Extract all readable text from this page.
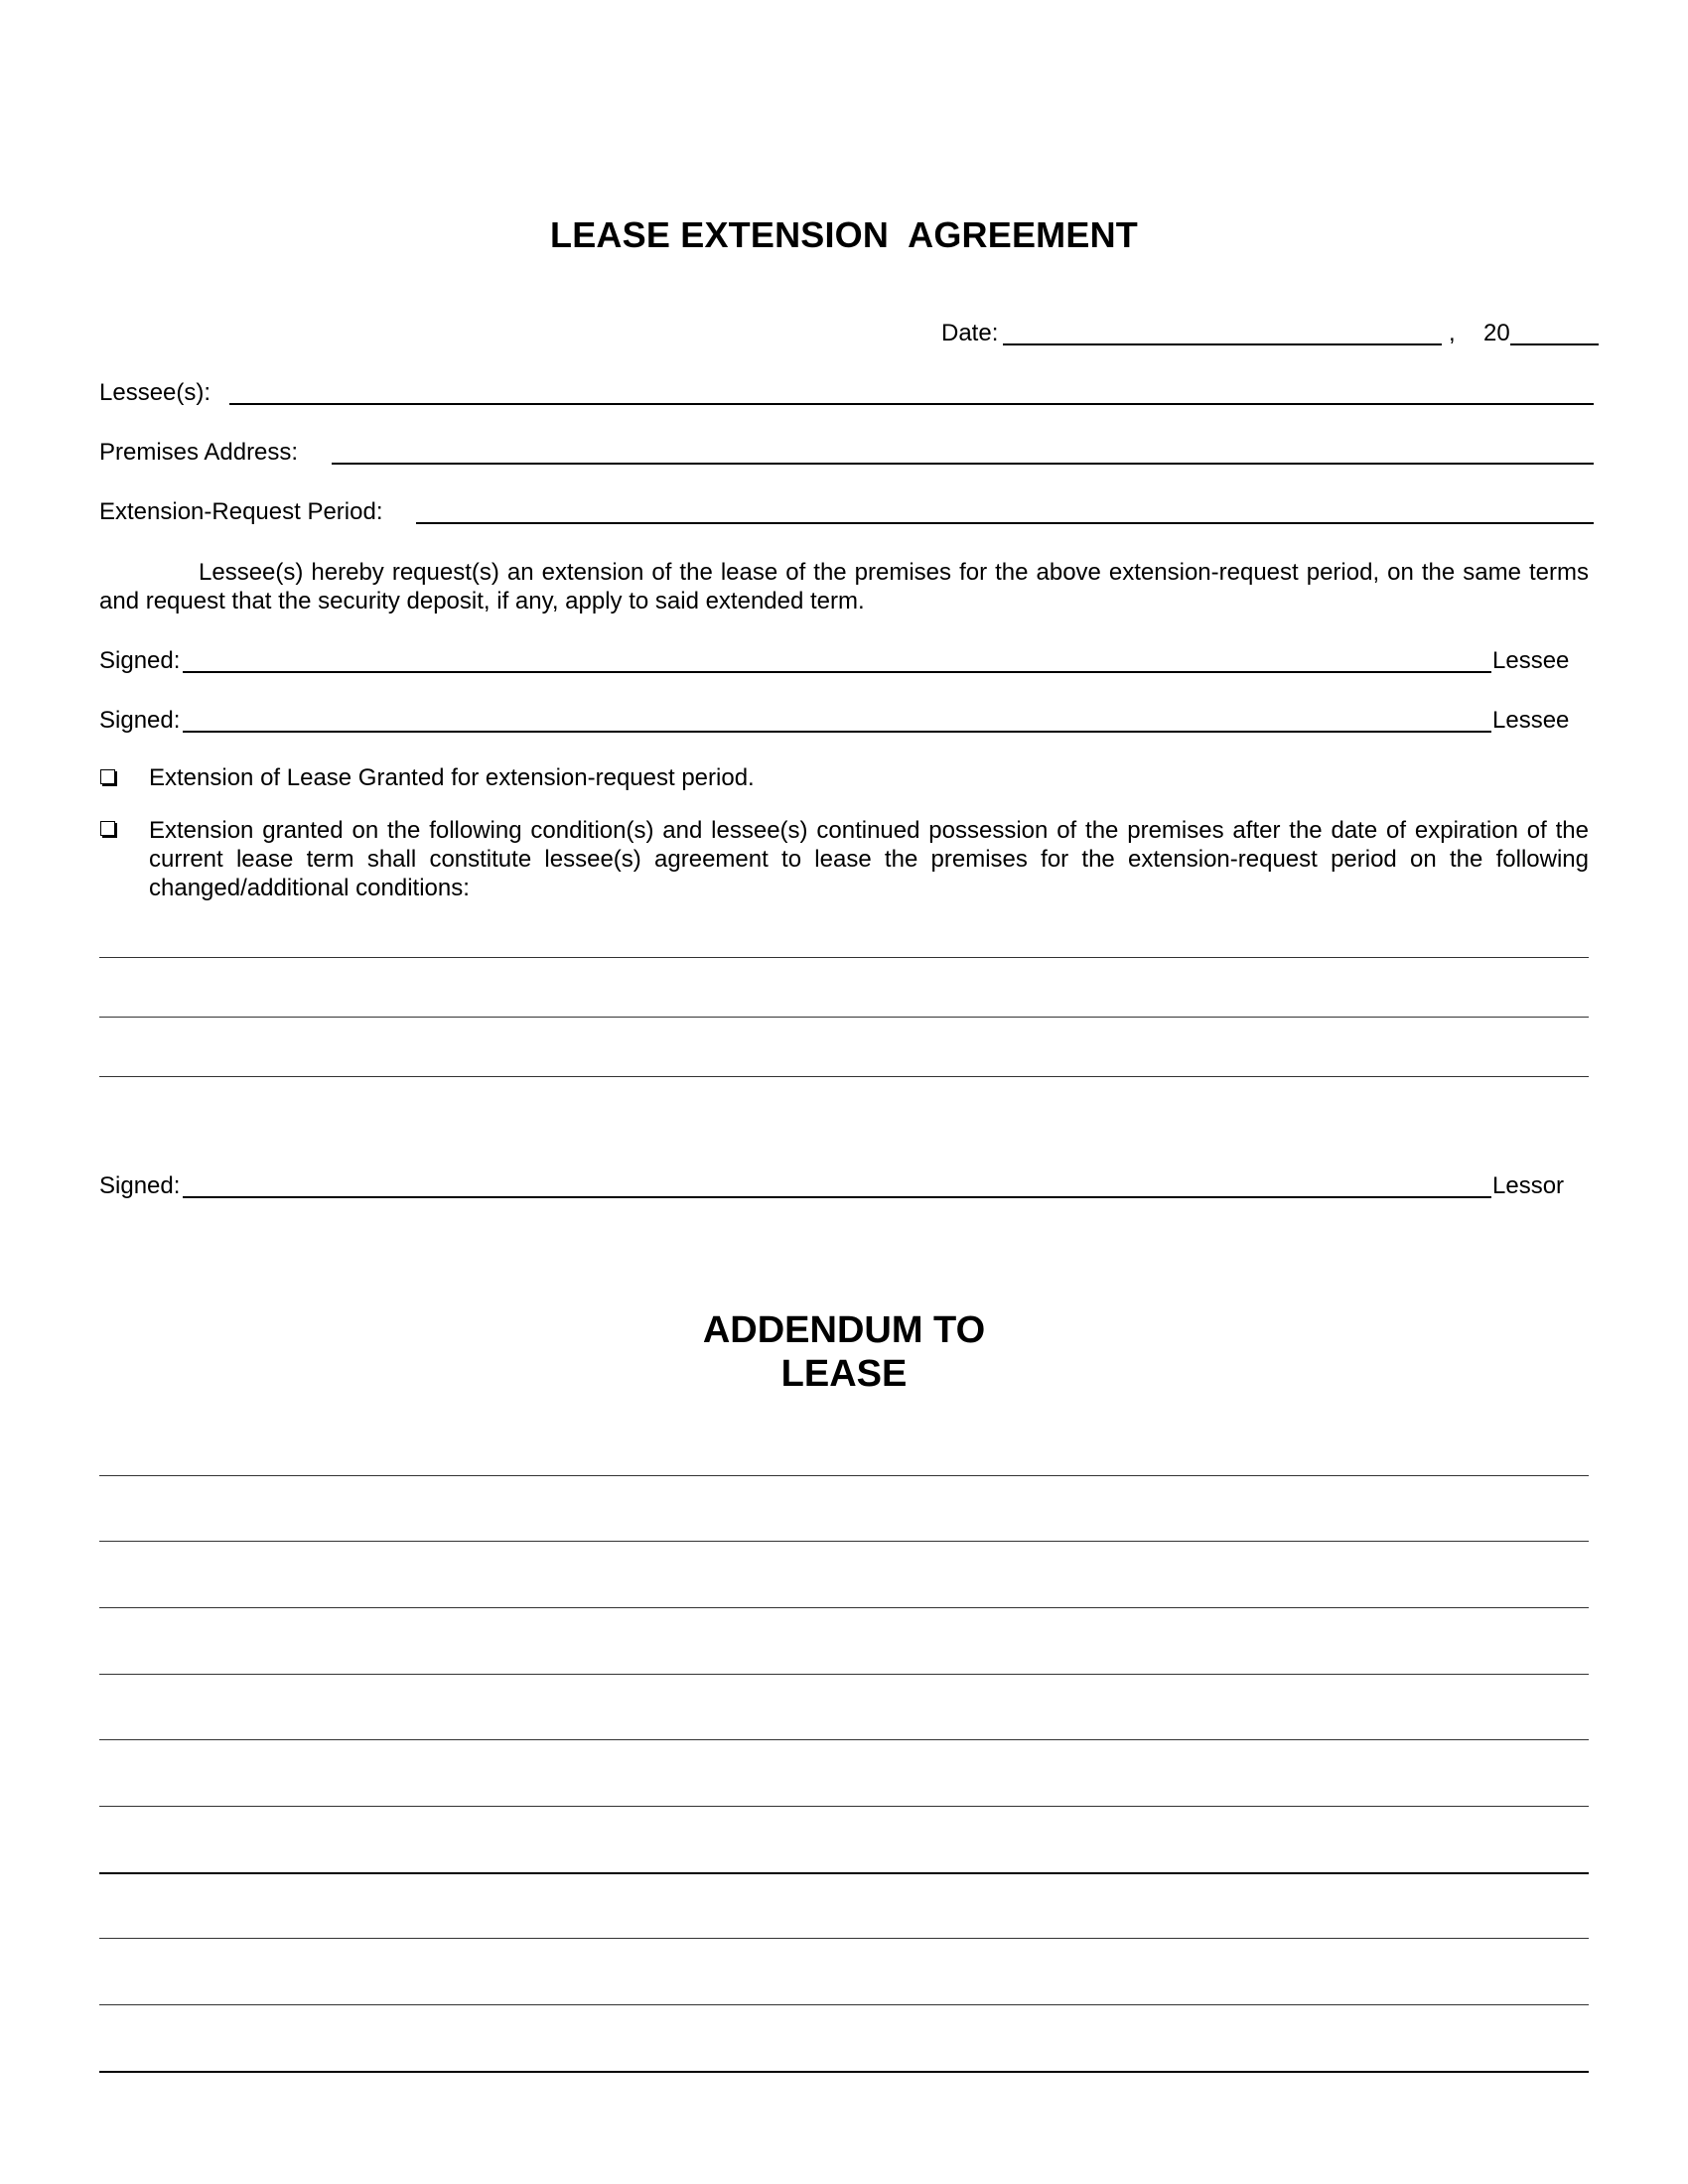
LEASE EXTENSION  AGREEMENT
Date:	, 20
Lessee(s):
Premises Address:
Extension-Request Period:
Lessee(s) hereby request(s) an extension of the lease of the premises for the above extension-request period, on the same terms and request that the security deposit, if any, apply to said extended term.
Signed:	Lessee
Signed:	Lessee
Extension of Lease Granted for extension-request period.
Extension granted on the following condition(s) and lessee(s) continued possession of the premises after the date of expiration of the current lease term shall constitute lessee(s) agreement to lease the premises for the extension-request period on the following changed/additional conditions:
Signed:	Lessor
ADDENDUM TO
LEASE
